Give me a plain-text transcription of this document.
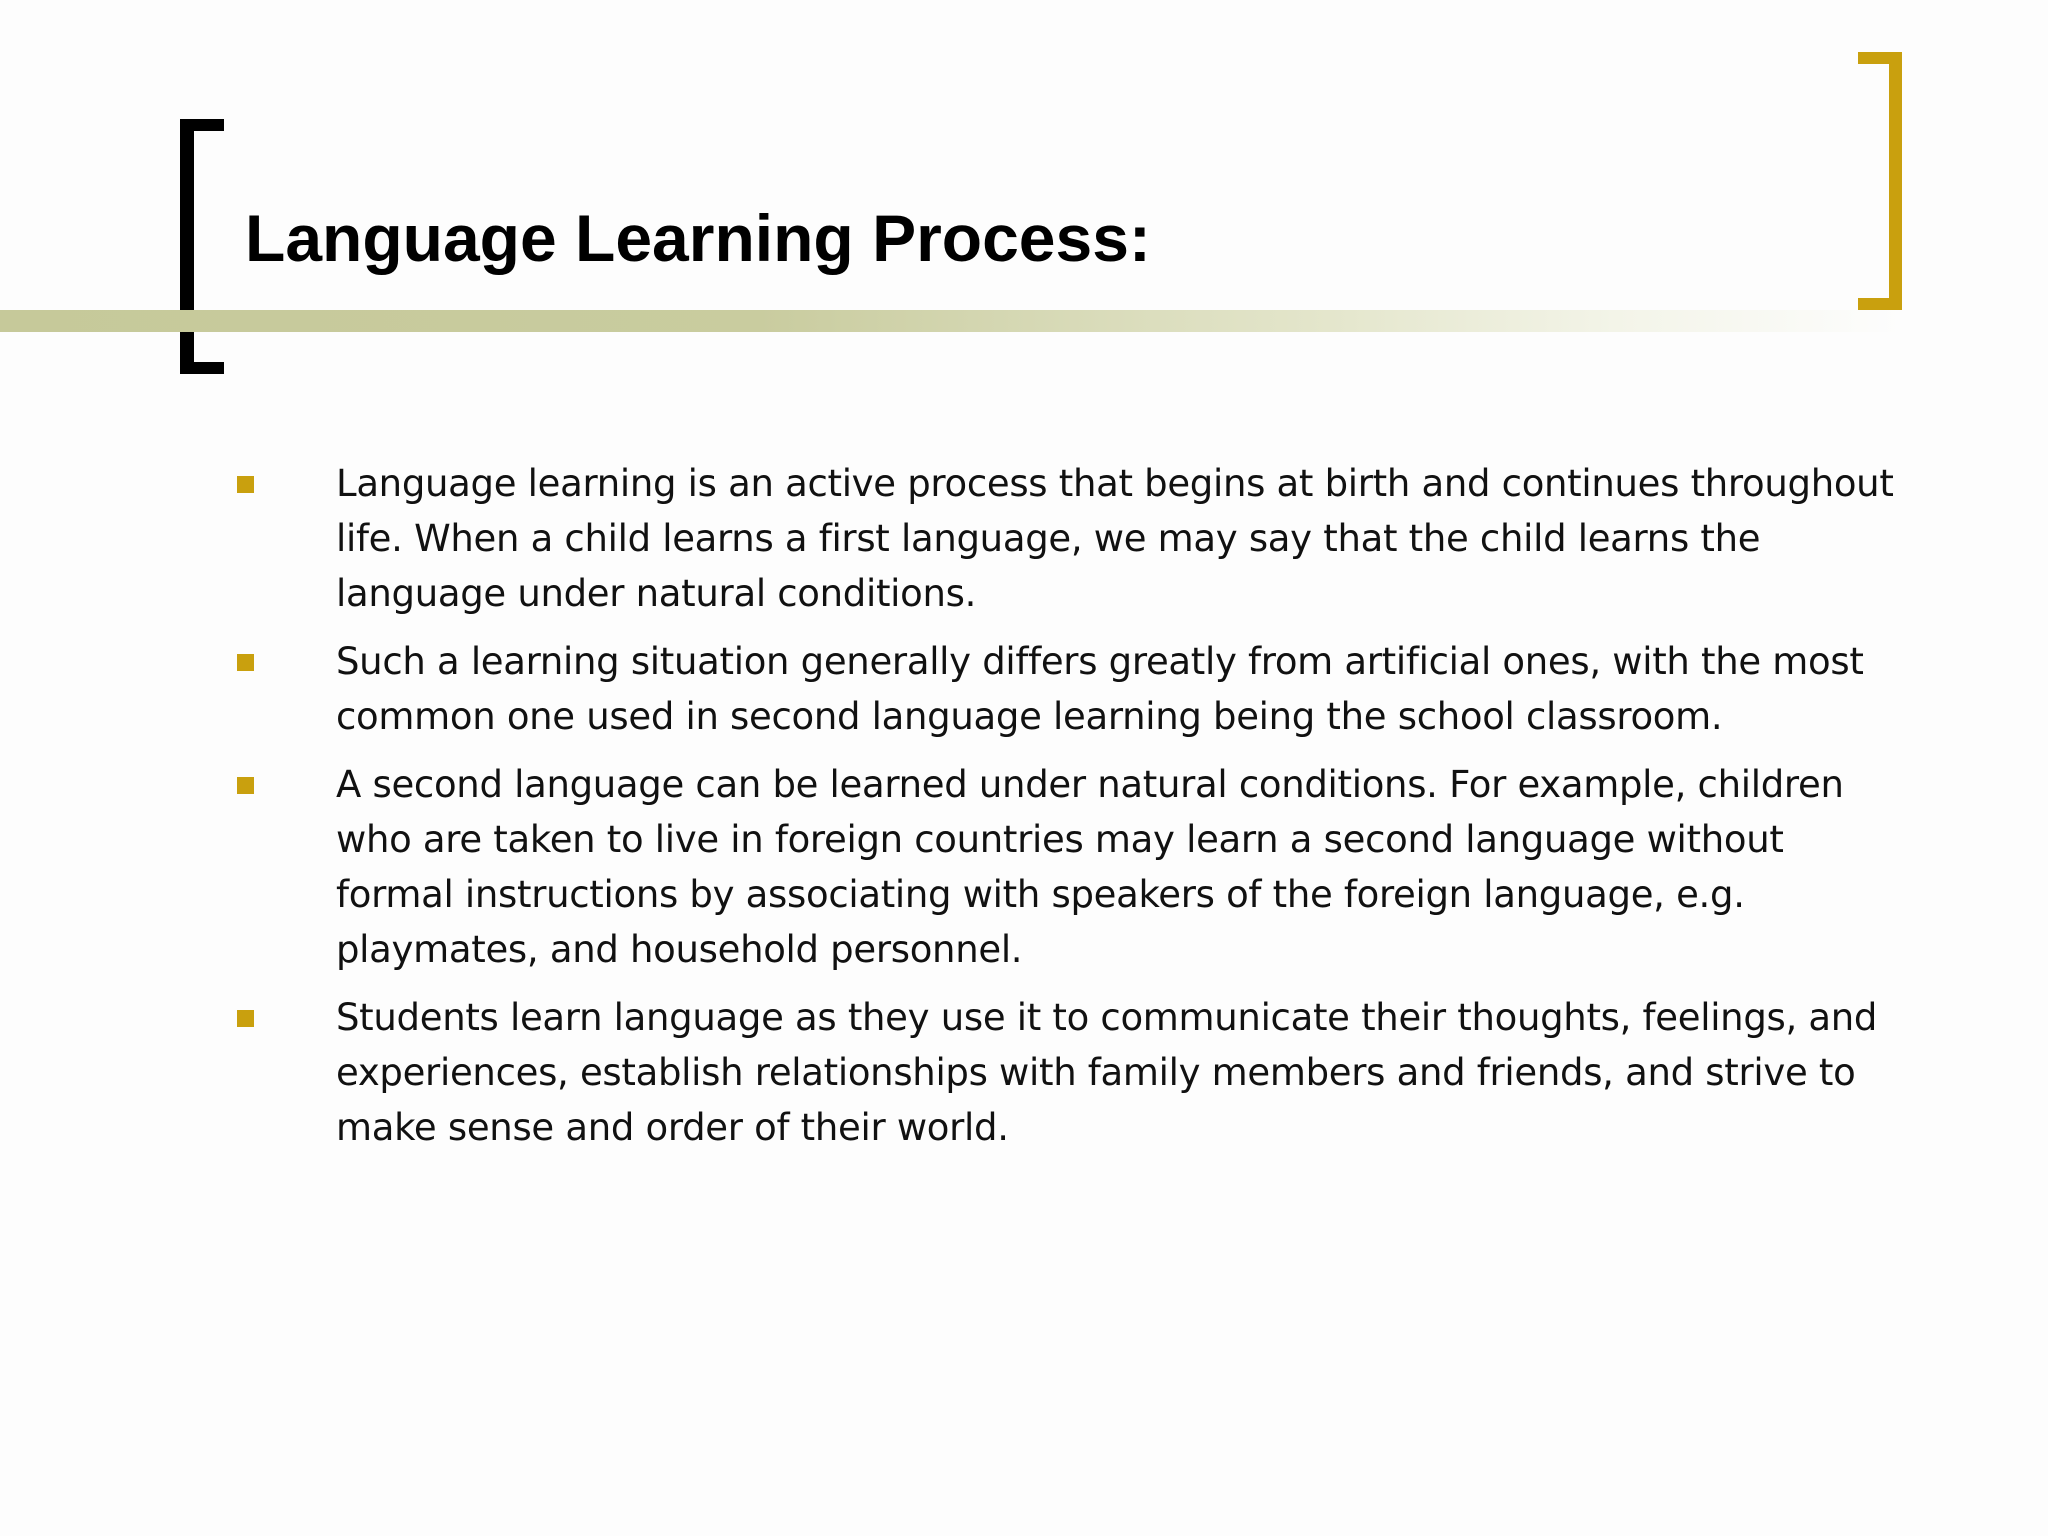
Language Learning Process:
Language learning is an active process that begins at birth and continues throughout life. When a child learns a first language, we may say that the child learns the language under natural conditions.
Such a learning situation generally differs greatly from artificial ones, with the most common one used in second language learning being the school classroom.
A second language can be learned under natural conditions. For example, children who are taken to live in foreign countries may learn a second language without formal instructions by associating with speakers of the foreign language, e.g. playmates, and household personnel.
Students learn language as they use it to communicate their thoughts, feelings, and experiences, establish relationships with family members and friends, and strive to make sense and order of their world.
